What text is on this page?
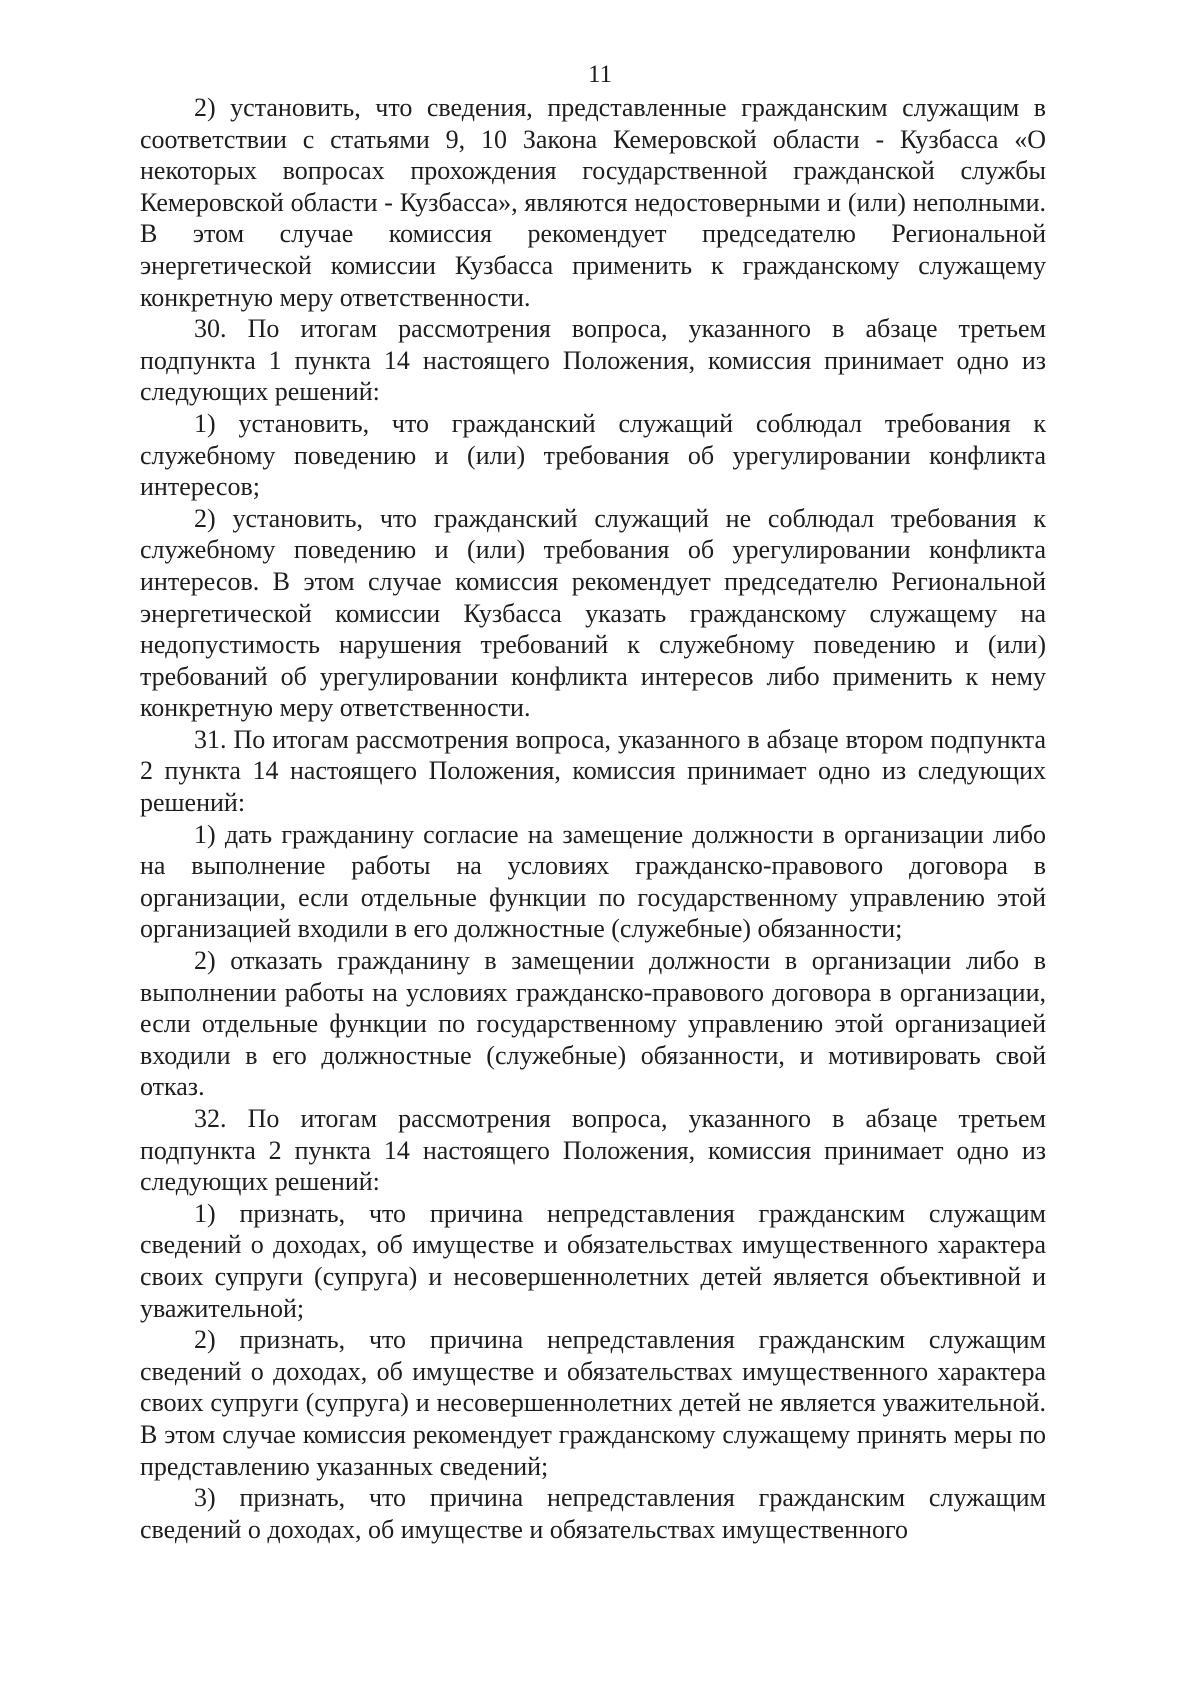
11

2) установить, что сведения, представленные гражданским служащим в соответствии с статьями 9, 10 Закона Кемеровской области - Кузбасса «О некоторых вопросах прохождения государственной гражданской службы Кемеровской области - Кузбасса», являются недостоверными и (или) неполными. В этом случае комиссия рекомендует председателю Региональной энергетической комиссии Кузбасса применить к гражданскому служащему конкретную меру ответственности.

30. По итогам рассмотрения вопроса, указанного в абзаце третьем подпункта 1 пункта 14 настоящего Положения, комиссия принимает одно из следующих решений:

1) установить, что гражданский служащий соблюдал требования к служебному поведению и (или) требования об урегулировании конфликта интересов;

2) установить, что гражданский служащий не соблюдал требования к служебному поведению и (или) требования об урегулировании конфликта интересов. В этом случае комиссия рекомендует председателю Региональной энергетической комиссии Кузбасса указать гражданскому служащему на недопустимость нарушения требований к служебному поведению и (или) требований об урегулировании конфликта интересов либо применить к нему конкретную меру ответственности.

31. По итогам рассмотрения вопроса, указанного в абзаце втором подпункта 2 пункта 14 настоящего Положения, комиссия принимает одно из следующих решений:

1) дать гражданину согласие на замещение должности в организации либо на выполнение работы на условиях гражданско-правового договора в организации, если отдельные функции по государственному управлению этой организацией входили в его должностные (служебные) обязанности;

2) отказать гражданину в замещении должности в организации либо в выполнении работы на условиях гражданско-правового договора в организации, если отдельные функции по государственному управлению этой организацией входили в его должностные (служебные) обязанности, и мотивировать свой отказ.

32. По итогам рассмотрения вопроса, указанного в абзаце третьем подпункта 2 пункта 14 настоящего Положения, комиссия принимает одно из следующих решений:

1) признать, что причина непредставления гражданским служащим сведений о доходах, об имуществе и обязательствах имущественного характера своих супруги (супруга) и несовершеннолетних детей является объективной и уважительной;

2) признать, что причина непредставления гражданским служащим сведений о доходах, об имуществе и обязательствах имущественного характера своих супруги (супруга) и несовершеннолетних детей не является уважительной. В этом случае комиссия рекомендует гражданскому служащему принять меры по представлению указанных сведений;

3) признать, что причина непредставления гражданским служащим сведений о доходах, об имуществе и обязательствах имущественного
